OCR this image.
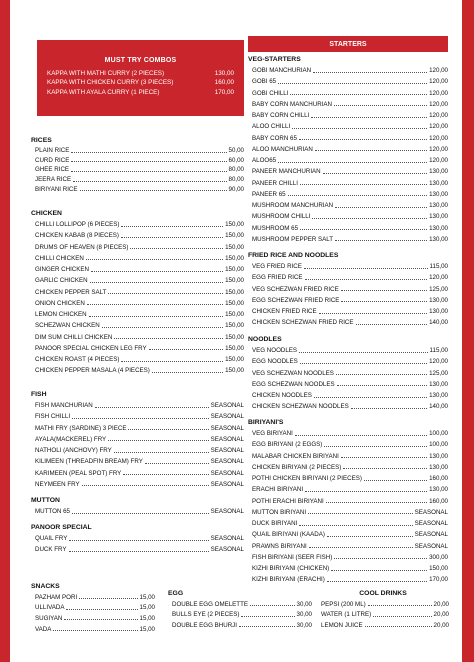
MUST TRY COMBOS
KAPPA WITH MATHI CURRY (2 PIECES)	130,00
KAPPA WITH CHICKEN CURRY (3 PIECES)	160,00
KAPPA WITH AYALA CURRY (1 PIECE)	170,00
RICES
PLAIN RICE	50,00
CURD RICE	60,00
GHEE RICE	80,00
JEERA RICE	80,00
BIRIYANI RICE	90,00
CHICKEN
CHILLI LOLLIPOP (6 PIECES)	150,00
CHICKEN KABAB (8 PIECES)	150,00
DRUMS OF HEAVEN (8 PIECES)	150,00
CHILLI CHICKEN	150,00
GINGER CHICKEN	150,00
GARLIC CHICKEN	150,00
CHICKEN PEPPER SALT	150,00
ONION CHICKEN	150,00
LEMON CHICKEN	150,00
SCHEZWAN CHICKEN	150,00
DIM SUM CHILLI CHICKEN	150,00
PANOOR SPECIAL CHICKEN LEG FRY	150,00
CHICKEN ROAST (4 PIECES)	150,00
CHICKEN PEPPER MASALA (4 PIECES)	150,00
FISH
FISH MANCHURIAN	SEASONAL
FISH CHILLI	SEASONAL
MATHI FRY (SARDINE) 3 PIECE	SEASONAL
AYALA(MACKEREL) FRY	SEASONAL
NATHOLI (ANCHOVY) FRY	SEASONAL
KILIMEEN (THREADFIN BREAM) FRY	SEASONAL
KARIMEEN (PEAL SPOT) FRY	SEASONAL
NEYMEEN FRY	SEASONAL
MUTTON
MUTTON 65	SEASONAL
PANOOR SPECIAL
QUAIL FRY	SEASONAL
DUCK FRY	SEASONAL
SNACKS
PAZHAM PORI	15,00
ULLIVADA	15,00
SUGIYAN	15,00
VADA	15,00
EGG
DOUBLE EGG OMELETTE	30,00
BULLS EYE (2 PIECES)	30,00
DOUBLE EGG BHURJI	30,00
COOL DRINKS
PEPSI (200 ML)	20,00
WATER (1 LITRE)	20,00
LEMON JUICE	20,00
STARTERS
VEG-STARTERS
GOBI MANCHURIAN	120,00
GOBI 65	120,00
GOBI CHILLI	120,00
BABY CORN MANCHURIAN	120,00
BABY CORN CHILLI	120,00
ALOO CHILLI	120,00
BABY CORN 65	120,00
ALOO MANCHURIAN	120,00
ALOO65	120,00
PANEER MANCHURIAN	130,00
PANEER CHILLI	130,00
PANEER 65	130,00
MUSHROOM MANCHURIAN	130,00
MUSHROOM CHILLI	130,00
MUSHROOM 65	130,00
MUSHROOM PEPPER SALT	130,00
FRIED RICE AND NOODLES
VEG FRIED RICE	115,00
EGG FRIED RICE	120,00
VEG SCHEZWAN FRIED RICE	125,00
EGG SCHEZWAN FRIED RICE	130,00
CHICKEN FRIED RICE	130,00
CHICKEN SCHEZWAN FRIED RICE	140,00
NOODLES
VEG NOODLES	115,00
EGG NOODLES	120,00
VEG SCHEZWAN NOODLES	125,00
EGG SCHEZWAN NOODLES	130,00
CHICKEN NOODLES	130,00
CHICKEN SCHEZWAN NOODLES	140,00
BIRIYANI'S
VEG BIRIYANI	100,00
EGG BIRIYANI (2 EGGS)	100,00
MALABAR CHICKEN BIRIYANI	130,00
CHICKEN BIRIYANI (2 PIECES)	130,00
POTHI CHICKEN BIRIYANI (2 PIECES)	160,00
ERACHI BIRIYANI	130,00
POTHI ERACHI BIRIYANI	160,00
MUTTON BIRIYANI	SEASONAL
DUCK BIRIYANI	SEASONAL
QUAIL BIRIYANI (KAADA)	SEASONAL
PRAWNS BIRIYANI	SEASONAL
FISH BIRIYANI (SEER FISH)	300,00
KIZHI BIRIYANI (CHICKEN)	150,00
KIZHI BIRIYANI (ERACHI)	170,00
